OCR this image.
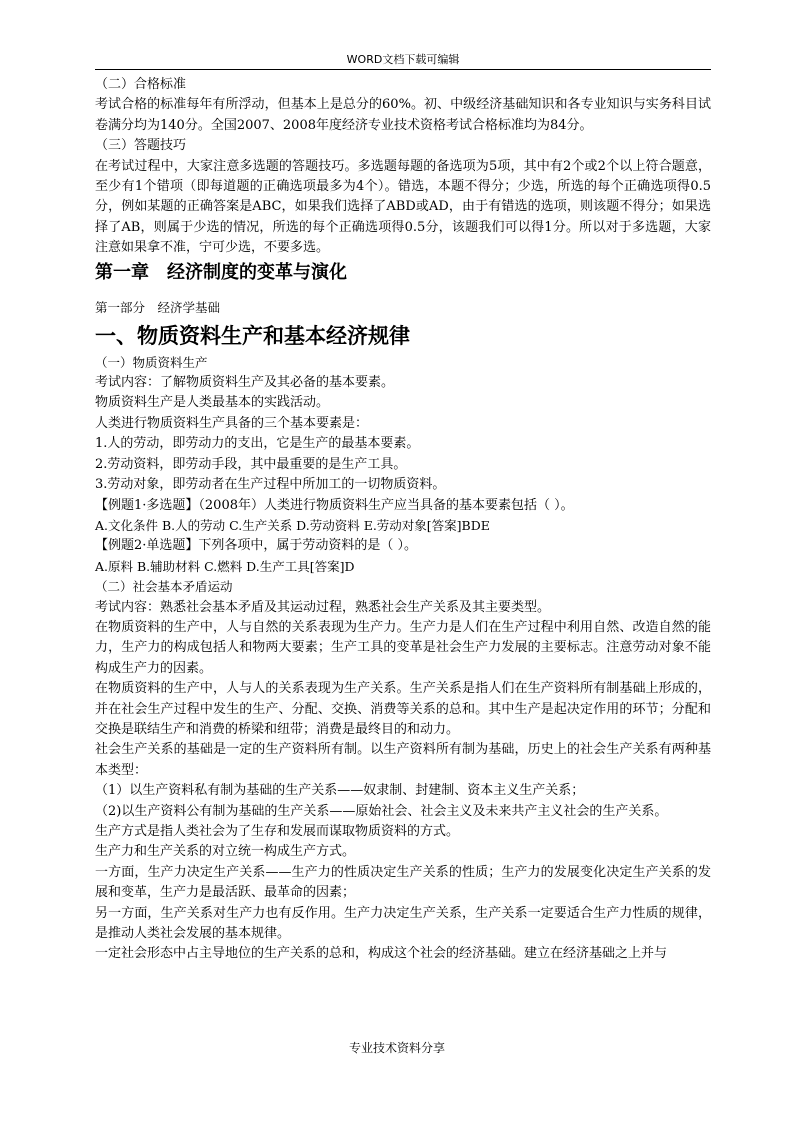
WORD文档下载可编辑

（二）合格标准

考试合格的标准每年有所浮动，但基本上是总分的60%。初、中级经济基础知识和各专业知识与实务科目试卷满分均为140分。全国2007、2008年度经济专业技术资格考试合格标准均为84分。

（三）答题技巧

在考试过程中，大家注意多选题的答题技巧。多选题每题的备选项为5项，其中有2个或2个以上符合题意，至少有1个错项（即每道题的正确选项最多为4个）。错选，本题不得分；少选，所选的每个正确选项得0.5分，例如某题的正确答案是ABC，如果我们选择了ABD或AD，由于有错选的选项，则该题不得分；如果选择了AB，则属于少选的情况，所选的每个正确选项得0.5分，该题我们可以得1分。所以对于多选题，大家注意如果拿不准，宁可少选，不要多选。

第一章　经济制度的变革与演化

第一部分　经济学基础

一、物质资料生产和基本经济规律

（一）物质资料生产

考试内容：了解物质资料生产及其必备的基本要素。

物质资料生产是人类最基本的实践活动。

人类进行物质资料生产具备的三个基本要素是：

1.人的劳动，即劳动力的支出，它是生产的最基本要素。

2.劳动资料，即劳动手段，其中最重要的是生产工具。

3.劳动对象，即劳动者在生产过程中所加工的一切物质资料。

【例题1·多选题】（2008年）人类进行物质资料生产应当具备的基本要素包括（ ）。

A.文化条件 B.人的劳动 C.生产关系 D.劳动资料 E.劳动对象[答案]BDE

【例题2·单选题】下列各项中，属于劳动资料的是（ ）。

A.原料 B.辅助材料 C.燃料 D.生产工具[答案]D

（二）社会基本矛盾运动

考试内容：熟悉社会基本矛盾及其运动过程，熟悉社会生产关系及其主要类型。

在物质资料的生产中，人与自然的关系表现为生产力。生产力是人们在生产过程中利用自然、改造自然的能力，生产力的构成包括人和物两大要素；生产工具的变革是社会生产力发展的主要标志。注意劳动对象不能构成生产力的因素。

在物质资料的生产中，人与人的关系表现为生产关系。生产关系是指人们在生产资料所有制基础上形成的，并在社会生产过程中发生的生产、分配、交换、消费等关系的总和。其中生产是起决定作用的环节；分配和交换是联结生产和消费的桥梁和纽带；消费是最终目的和动力。

社会生产关系的基础是一定的生产资料所有制。以生产资料所有制为基础，历史上的社会生产关系有两种基本类型：

（1）以生产资料私有制为基础的生产关系——奴隶制、封建制、资本主义生产关系；

（2)以生产资料公有制为基础的生产关系——原始社会、社会主义及未来共产主义社会的生产关系。

生产方式是指人类社会为了生存和发展而谋取物质资料的方式。

生产力和生产关系的对立统一构成生产方式。

一方面，生产力决定生产关系——生产力的性质决定生产关系的性质；生产力的发展变化决定生产关系的发展和变革，生产力是最活跃、最革命的因素；

另一方面，生产关系对生产力也有反作用。生产力决定生产关系，生产关系一定要适合生产力性质的规律，是推动人类社会发展的基本规律。

一定社会形态中占主导地位的生产关系的总和，构成这个社会的经济基础。建立在经济基础之上并与

专业技术资料分享
